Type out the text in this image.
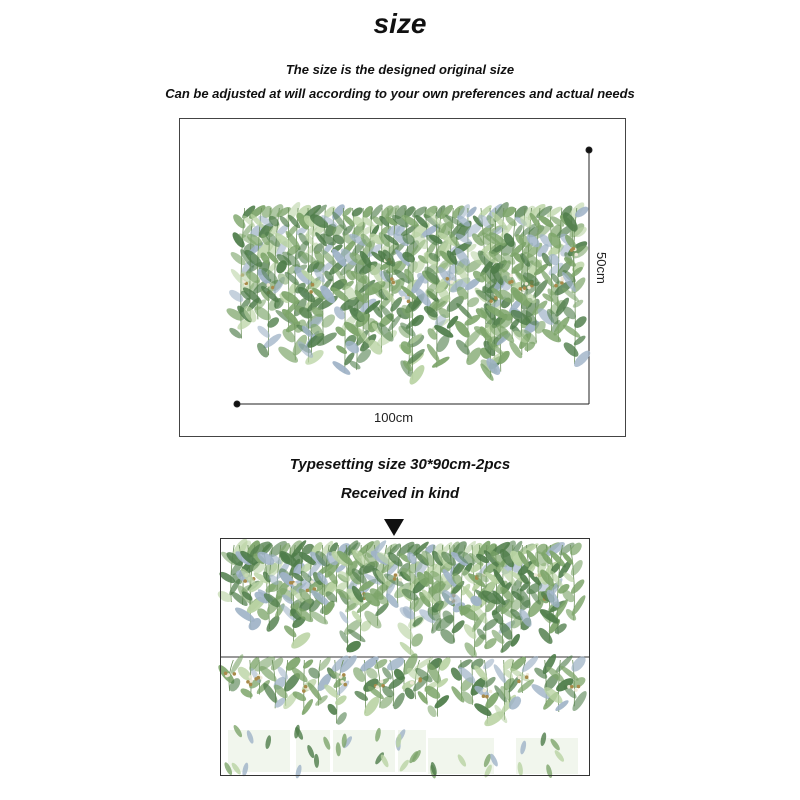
size
The size is the designed original size
Can be adjusted at will according to your own preferences and actual needs
50cm
100cm
Typesetting size 30*90cm-2pcs
Received in kind
